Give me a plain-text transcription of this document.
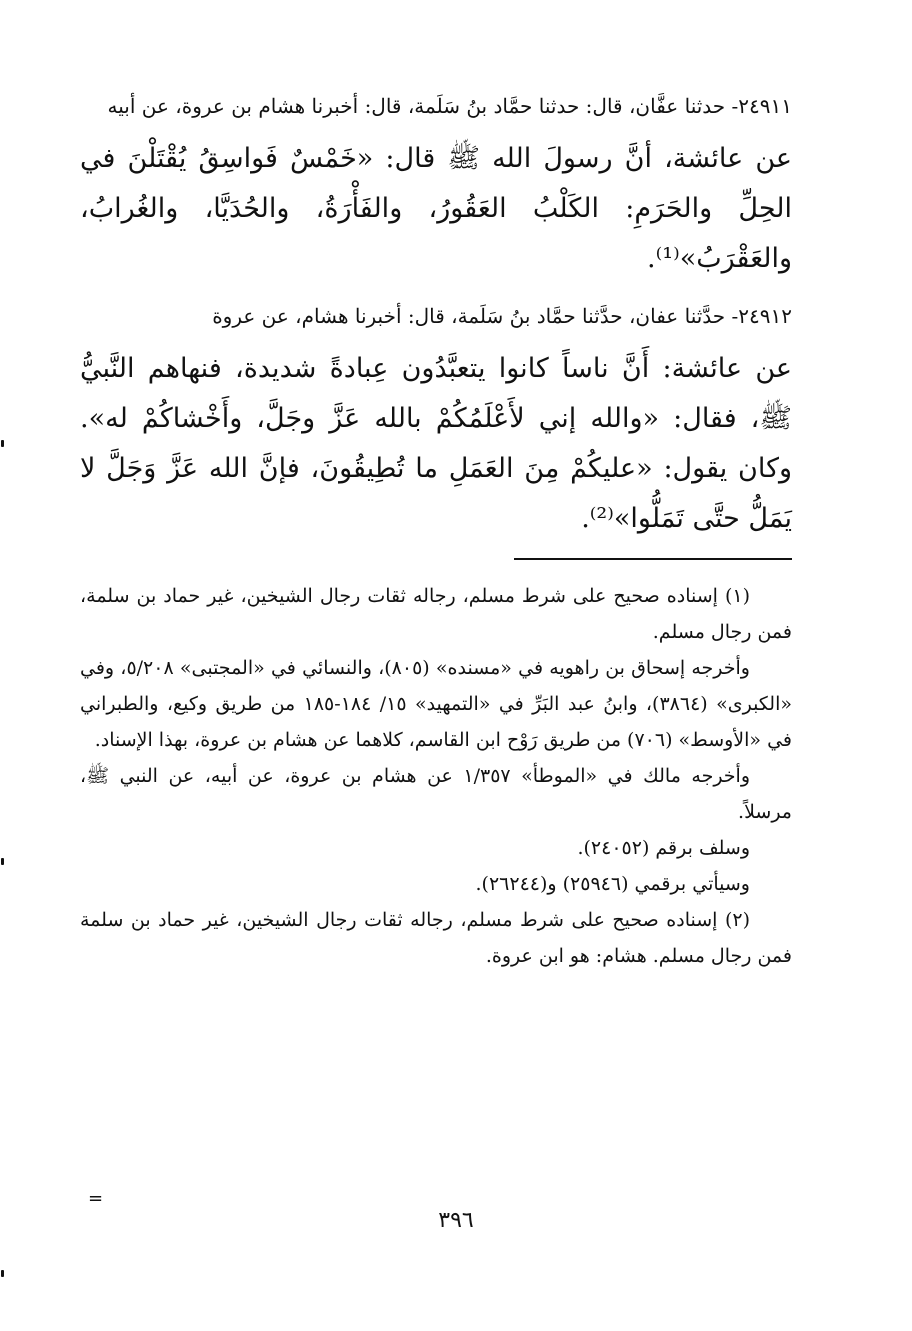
٢٤٩١١- حدثنا عفَّان، قال: حدثنا حمَّاد بنُ سَلَمة، قال: أخبرنا هشام بن عروة، عن أبيه

عن عائشة، أنَّ رسولَ الله ﷺ قال: «خَمْسٌ فَواسِقُ يُقْتَلْنَ في الحِلِّ والحَرَمِ: الكَلْبُ العَقُورُ، والفَأْرَةُ، والحُدَيَّا، والغُرابُ، والعَقْرَبُ»⁽¹⁾.

٢٤٩١٢- حدَّثنا عفان، حدَّثنا حمَّاد بنُ سَلَمة، قال: أخبرنا هشام، عن عروة

عن عائشة: أَنَّ ناساً كانوا يتعبَّدُون عِبادةً شديدة، فنهاهم النَّبيُّ ﷺ، فقال: «والله إني لأَعْلَمُكُمْ بالله عَزَّ وجَلَّ، وأَخْشاكُمْ له». وكان يقول: «عليكُمْ مِنَ العَمَلِ ما تُطِيقُونَ، فإنَّ الله عَزَّ وَجَلَّ لا يَمَلُّ حتَّى تَمَلُّوا»⁽²⁾.

(١) إسناده صحيح على شرط مسلم، رجاله ثقات رجال الشيخين، غير حماد بن سلمة، فمن رجال مسلم.

وأخرجه إسحاق بن راهويه في «مسنده» (٨٠٥)، والنسائي في «المجتبى» ٥/٢٠٨، وفي «الكبرى» (٣٨٦٤)، وابنُ عبد البَرِّ في «التمهيد» ١٥/ ١٨٤-١٨٥ من طريق وكيع، والطبراني في «الأوسط» (٧٠٦) من طريق رَوْح ابن القاسم، كلاهما عن هشام بن عروة، بهذا الإسناد.

وأخرجه مالك في «الموطأ» ١/٣٥٧ عن هشام بن عروة، عن أبيه، عن النبي ﷺ، مرسلاً.

وسلف برقم (٢٤٠٥٢).

وسيأتي برقمي (٢٥٩٤٦) و(٢٦٢٤٤).

(٢) إسناده صحيح على شرط مسلم، رجاله ثقات رجال الشيخين، غير حماد بن سلمة فمن رجال مسلم. هشام: هو ابن عروة.

=
٣٩٦
